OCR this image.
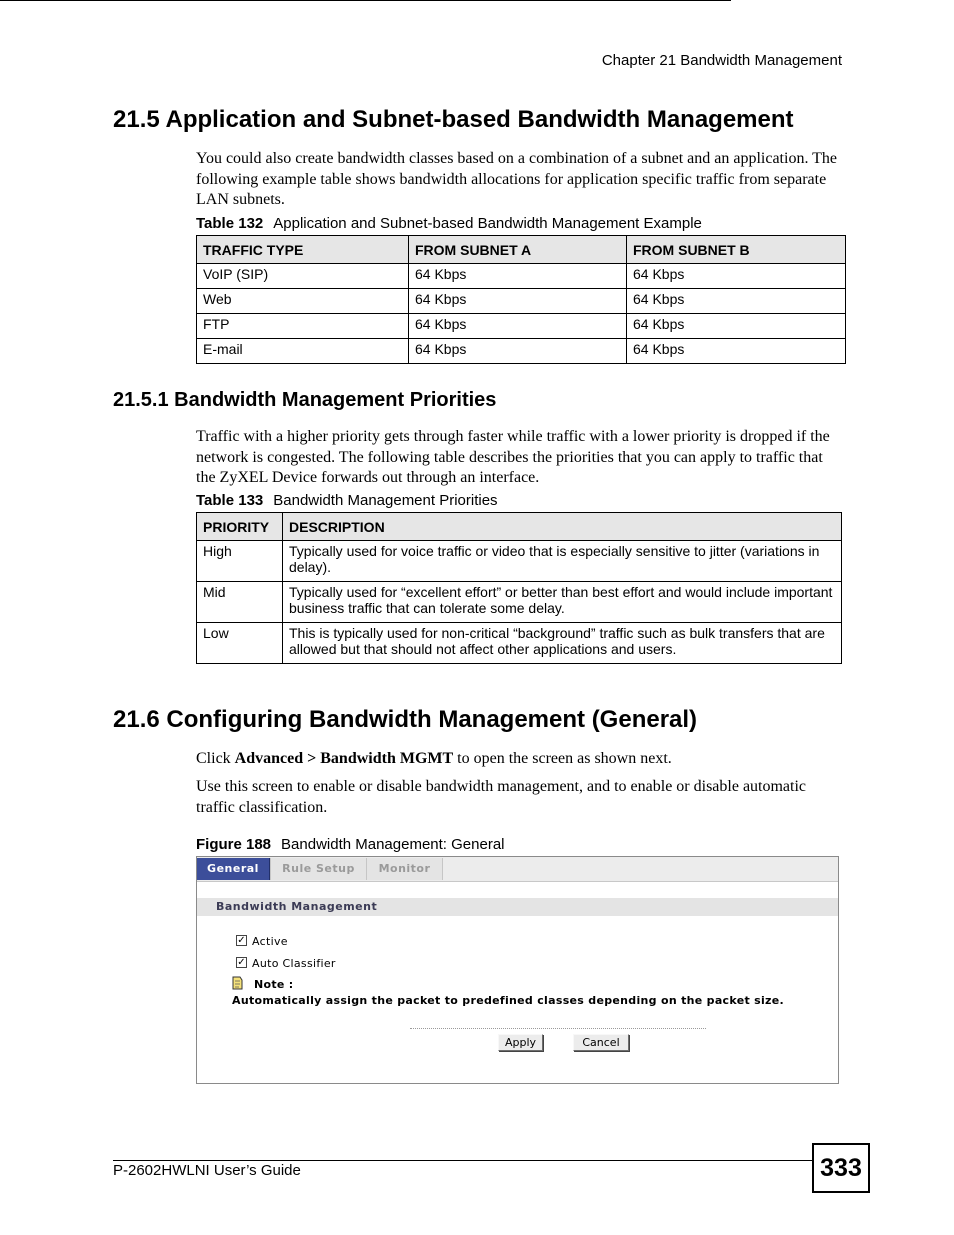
Chapter 21 Bandwidth Management
21.5 Application and Subnet-based Bandwidth Management

You could also create bandwidth classes based on a combination of a subnet and an application. The following example table shows bandwidth allocations for application specific traffic from separate LAN subnets.

Table 132 Application and Subnet-based Bandwidth Management Example
TRAFFIC TYPE	FROM SUBNET A	FROM SUBNET B
VoIP (SIP)	64 Kbps	64 Kbps
Web	64 Kbps	64 Kbps
FTP	64 Kbps	64 Kbps
E-mail	64 Kbps	64 Kbps
21.5.1 Bandwidth Management Priorities

Traffic with a higher priority gets through faster while traffic with a lower priority is dropped if the network is congested. The following table describes the priorities that you can apply to traffic that the ZyXEL Device forwards out through an interface.

Table 133 Bandwidth Management Priorities
PRIORITY	DESCRIPTION
High	Typically used for voice traffic or video that is especially sensitive to jitter (variations in delay).
Mid	Typically used for “excellent effort” or better than best effort and would include important business traffic that can tolerate some delay.
Low	This is typically used for non-critical “background” traffic such as bulk transfers that are allowed but that should not affect other applications and users.
21.6 Configuring Bandwidth Management (General)

Click Advanced > Bandwidth MGMT to open the screen as shown next.

Use this screen to enable or disable bandwidth management, and to enable or disable automatic traffic classification.

Figure 188 Bandwidth Management: General
General	Rule Setup	Monitor
Bandwidth Management
✓ Active
✓ Auto Classifier
Note :
Automatically assign the packet to predefined classes depending on the packet size.
Apply	Cancel
P-2602HWLNI User’s Guide	333
